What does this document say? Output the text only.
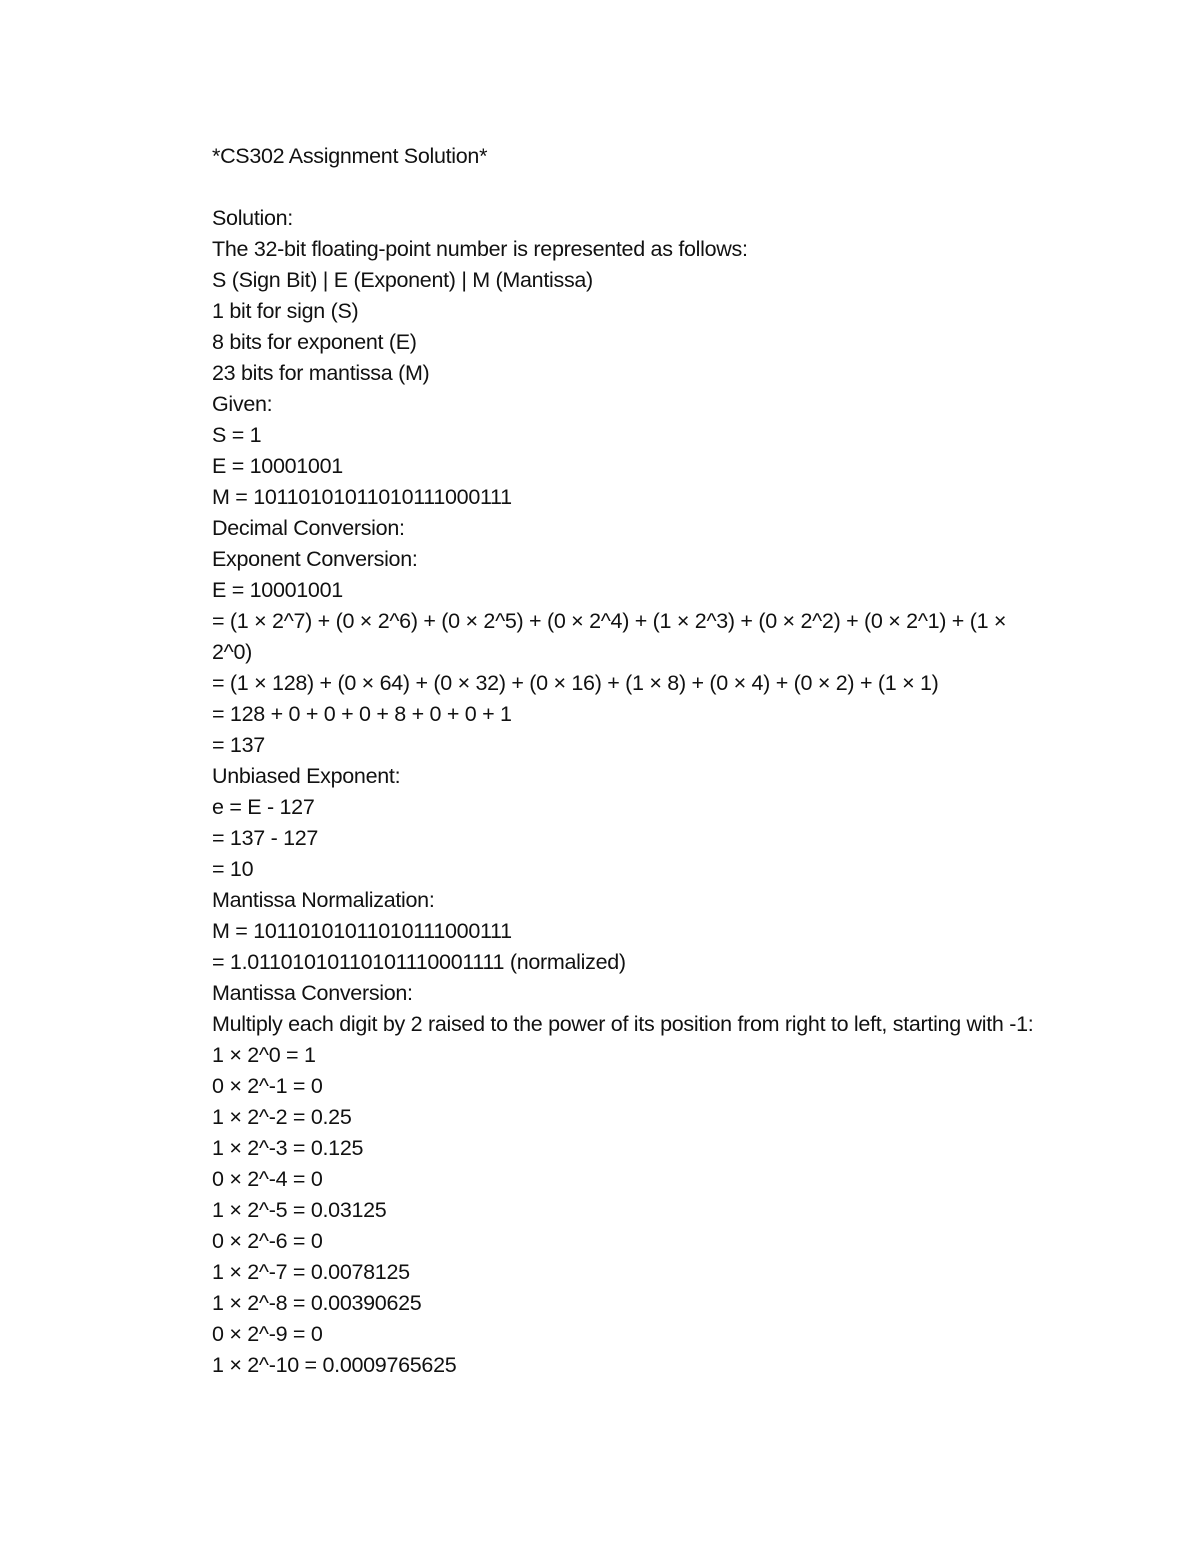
*CS302 Assignment Solution*
Solution:
The 32-bit floating-point number is represented as follows:
S (Sign Bit) | E (Exponent) | M (Mantissa)
1 bit for sign (S)
8 bits for exponent (E)
23 bits for mantissa (M)
Given:
S = 1
E = 10001001
M = 10110101011010111000111
Decimal Conversion:
Exponent Conversion:
E = 10001001
= (1 × 2^7) + (0 × 2^6) + (0 × 2^5) + (0 × 2^4) + (1 × 2^3) + (0 × 2^2) + (0 × 2^1) + (1 × 2^0)
= (1 × 128) + (0 × 64) + (0 × 32) + (0 × 16) + (1 × 8) + (0 × 4) + (0 × 2) + (1 × 1)
= 128 + 0 + 0 + 0 + 8 + 0 + 0 + 1
= 137
Unbiased Exponent:
e = E - 127
= 137 - 127
= 10
Mantissa Normalization:
M = 10110101011010111000111
= 1.01101010110101110001111 (normalized)
Mantissa Conversion:
Multiply each digit by 2 raised to the power of its position from right to left, starting with -1:
1 × 2^0 = 1
0 × 2^-1 = 0
1 × 2^-2 = 0.25
1 × 2^-3 = 0.125
0 × 2^-4 = 0
1 × 2^-5 = 0.03125
0 × 2^-6 = 0
1 × 2^-7 = 0.0078125
1 × 2^-8 = 0.00390625
0 × 2^-9 = 0
1 × 2^-10 = 0.0009765625
